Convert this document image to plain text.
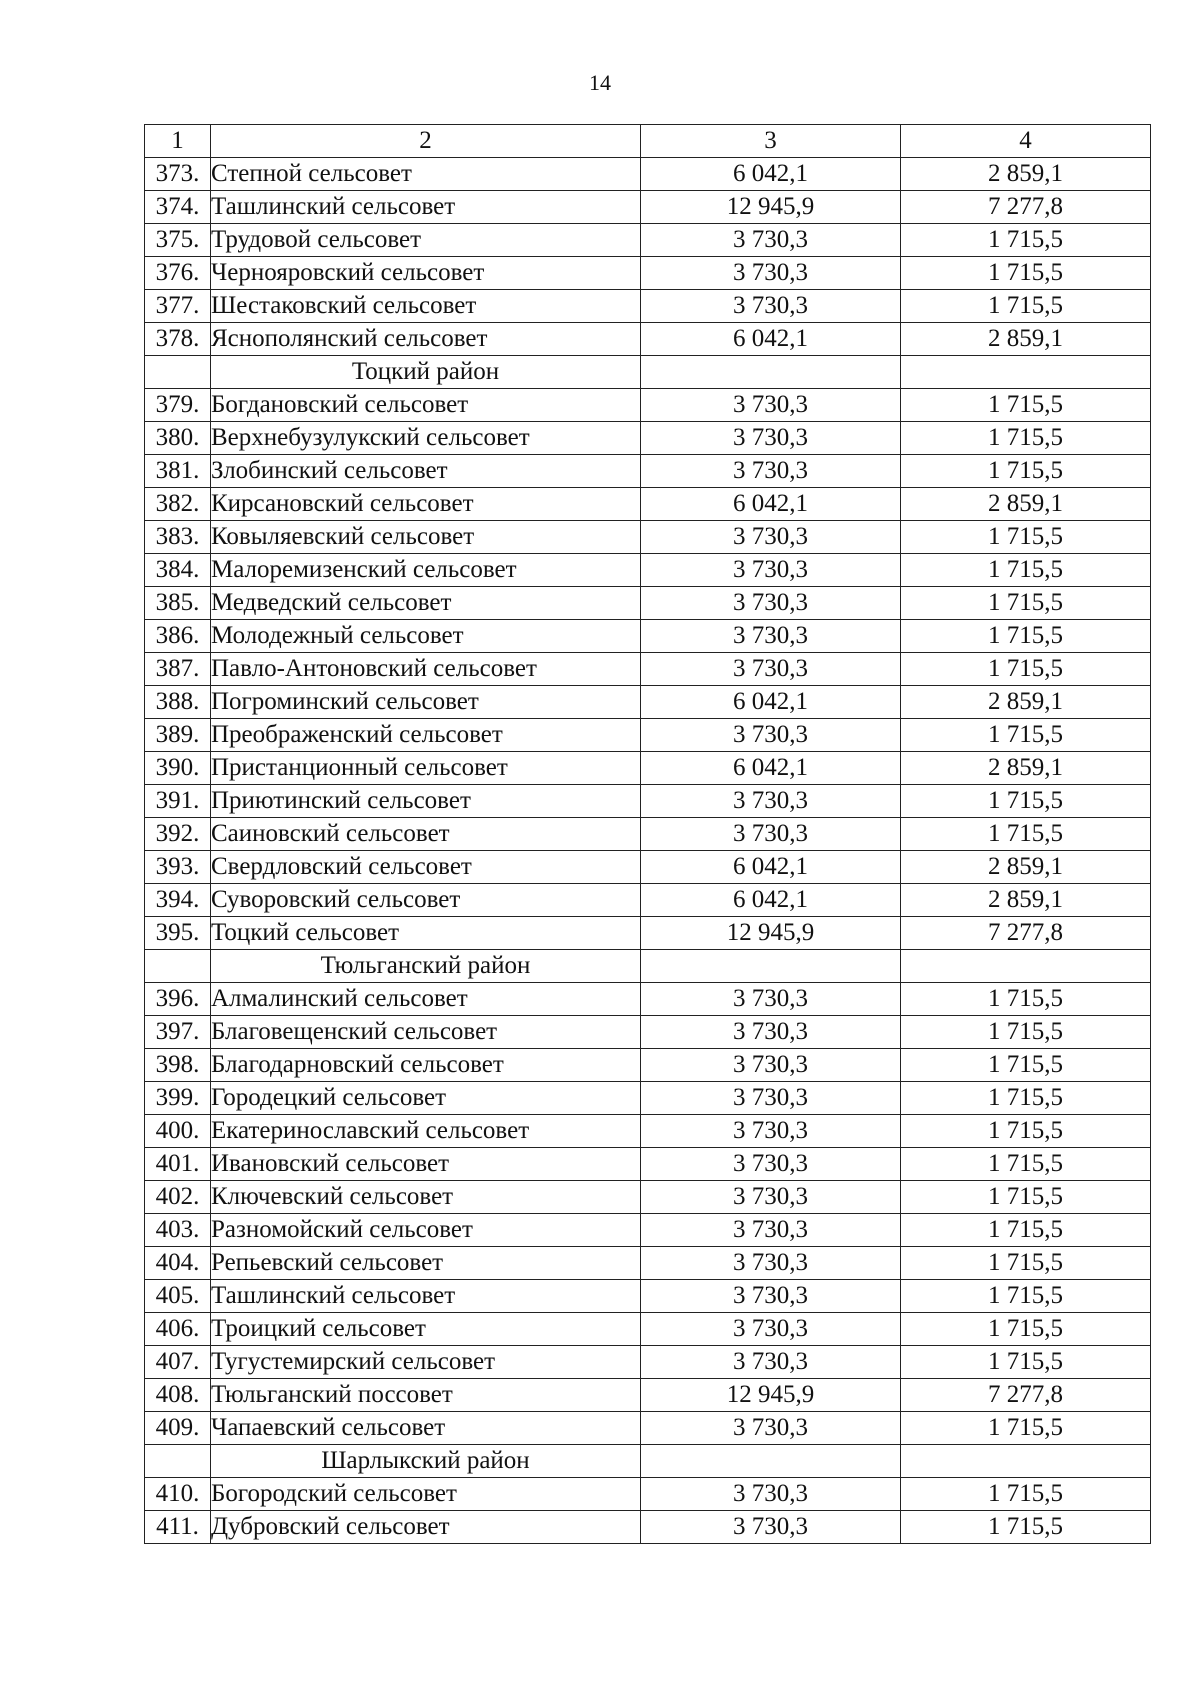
14
1	2	3	4
373.	Степной сельсовет	6 042,1	2 859,1
374.	Ташлинский сельсовет	12 945,9	7 277,8
375.	Трудовой сельсовет	3 730,3	1 715,5
376.	Чернояровский сельсовет	3 730,3	1 715,5
377.	Шестаковский сельсовет	3 730,3	1 715,5
378.	Яснополянский сельсовет	6 042,1	2 859,1
	Тоцкий район		
379.	Богдановский сельсовет	3 730,3	1 715,5
380.	Верхнебузулукский сельсовет	3 730,3	1 715,5
381.	Злобинский сельсовет	3 730,3	1 715,5
382.	Кирсановский сельсовет	6 042,1	2 859,1
383.	Ковыляевский сельсовет	3 730,3	1 715,5
384.	Малоремизенский сельсовет	3 730,3	1 715,5
385.	Медведский сельсовет	3 730,3	1 715,5
386.	Молодежный сельсовет	3 730,3	1 715,5
387.	Павло-Антоновский сельсовет	3 730,3	1 715,5
388.	Погроминский сельсовет	6 042,1	2 859,1
389.	Преображенский сельсовет	3 730,3	1 715,5
390.	Пристанционный сельсовет	6 042,1	2 859,1
391.	Приютинский сельсовет	3 730,3	1 715,5
392.	Саиновский сельсовет	3 730,3	1 715,5
393.	Свердловский сельсовет	6 042,1	2 859,1
394.	Суворовский сельсовет	6 042,1	2 859,1
395.	Тоцкий сельсовет	12 945,9	7 277,8
	Тюльганский район		
396.	Алмалинский сельсовет	3 730,3	1 715,5
397.	Благовещенский сельсовет	3 730,3	1 715,5
398.	Благодарновский сельсовет	3 730,3	1 715,5
399.	Городецкий сельсовет	3 730,3	1 715,5
400.	Екатеринославский сельсовет	3 730,3	1 715,5
401.	Ивановский сельсовет	3 730,3	1 715,5
402.	Ключевский сельсовет	3 730,3	1 715,5
403.	Разномойский сельсовет	3 730,3	1 715,5
404.	Репьевский сельсовет	3 730,3	1 715,5
405.	Ташлинский сельсовет	3 730,3	1 715,5
406.	Троицкий сельсовет	3 730,3	1 715,5
407.	Тугустемирский сельсовет	3 730,3	1 715,5
408.	Тюльганский поссовет	12 945,9	7 277,8
409.	Чапаевский сельсовет	3 730,3	1 715,5
	Шарлыкский район		
410.	Богородский сельсовет	3 730,3	1 715,5
411.	Дубровский сельсовет	3 730,3	1 715,5
